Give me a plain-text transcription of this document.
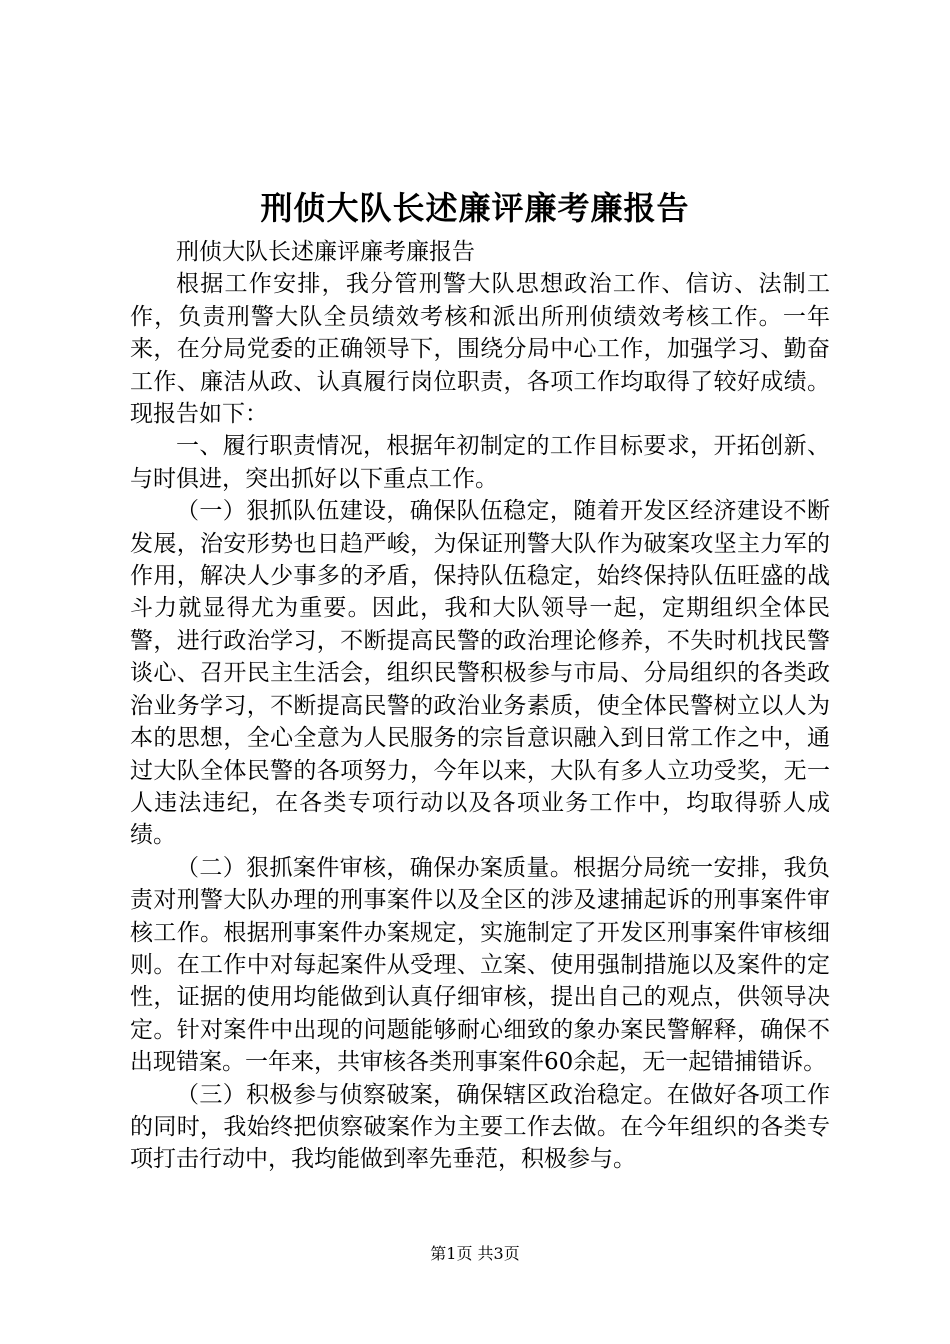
刑侦大队长述廉评廉考廉报告

刑侦大队长述廉评廉考廉报告

根据工作安排，我分管刑警大队思想政治工作、信访、法制工作，负责刑警大队全员绩效考核和派出所刑侦绩效考核工作。一年来，在分局党委的正确领导下，围绕分局中心工作，加强学习、勤奋工作、廉洁从政、认真履行岗位职责，各项工作均取得了较好成绩。现报告如下：

一、履行职责情况，根据年初制定的工作目标要求，开拓创新、与时俱进，突出抓好以下重点工作。

（一）狠抓队伍建设，确保队伍稳定，随着开发区经济建设不断发展，治安形势也日趋严峻，为保证刑警大队作为破案攻坚主力军的作用，解决人少事多的矛盾，保持队伍稳定，始终保持队伍旺盛的战斗力就显得尤为重要。因此，我和大队领导一起，定期组织全体民警，进行政治学习，不断提高民警的政治理论修养，不失时机找民警谈心、召开民主生活会，组织民警积极参与市局、分局组织的各类政治业务学习，不断提高民警的政治业务素质，使全体民警树立以人为本的思想，全心全意为人民服务的宗旨意识融入到日常工作之中，通过大队全体民警的各项努力，今年以来，大队有多人立功受奖，无一人违法违纪，在各类专项行动以及各项业务工作中，均取得骄人成绩。

（二）狠抓案件审核，确保办案质量。根据分局统一安排，我负责对刑警大队办理的刑事案件以及全区的涉及逮捕起诉的刑事案件审核工作。根据刑事案件办案规定，实施制定了开发区刑事案件审核细则。在工作中对每起案件从受理、立案、使用强制措施以及案件的定性，证据的使用均能做到认真仔细审核，提出自己的观点，供领导决定。针对案件中出现的问题能够耐心细致的象办案民警解释，确保不出现错案。一年来，共审核各类刑事案件60余起，无一起错捕错诉。

（三）积极参与侦察破案，确保辖区政治稳定。在做好各项工作的同时，我始终把侦察破案作为主要工作去做。在今年组织的各类专项打击行动中，我均能做到率先垂范，积极参与。

第1页 共3页
